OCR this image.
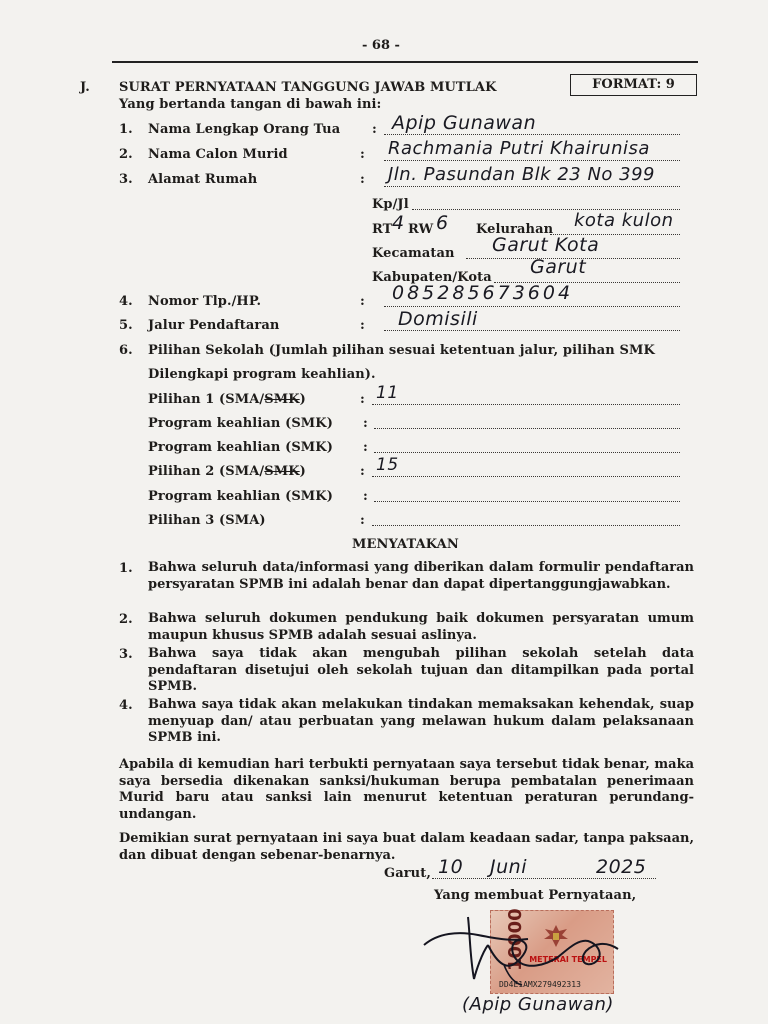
- 68 -
J. SURAT PERNYATAAN TANGGUNG JAWAB MUTLAK	FORMAT: 9
Yang bertanda tangan di bawah ini:
1. Nama Lengkap Orang Tua : Apip Gunawan
2. Nama Calon Murid	: Rachmania Putri Khairunisa
3. Alamat Rumah	: Jln. Pasundan Blk 23 No 399
Kp/Jl
RT 4 RW 6 Kelurahan kota kulon
Kecamatan Garut Kota
Kabupaten/Kota Garut
4. Nomor Tlp./HP.	: 085285673604
5. Jalur Pendaftaran	: Domisili
6. Pilihan Sekolah (Jumlah pilihan sesuai ketentuan jalur, pilihan SMK
Dilengkapi program keahlian).
Pilihan 1 (SMA/SMK)	: 11
Program keahlian (SMK) :
Program keahlian (SMK) :
Pilihan 2 (SMA/SMK)	: 15
Program keahlian (SMK) :
Pilihan 3 (SMA)	:
MENYATAKAN
1. Bahwa seluruh data/informasi yang diberikan dalam formulir pendaftaran persyaratan SPMB ini adalah benar dan dapat dipertanggungjawabkan.
2. Bahwa seluruh dokumen pendukung baik dokumen persyaratan umum maupun khusus SPMB adalah sesuai aslinya.
3. Bahwa saya tidak akan mengubah pilihan sekolah setelah data pendaftaran disetujui oleh sekolah tujuan dan ditampilkan pada portal SPMB.
4. Bahwa saya tidak akan melakukan tindakan memaksakan kehendak, suap menyuap dan/ atau perbuatan yang melawan hukum dalam pelaksanaan SPMB ini.
Apabila di kemudian hari terbukti pernyataan saya tersebut tidak benar, maka saya bersedia dikenakan sanksi/hukuman berupa pembatalan penerimaan Murid baru atau sanksi lain menurut ketentuan peraturan perundang-undangan.
Demikian surat pernyataan ini saya buat dalam keadaan sadar, tanpa paksaan, dan dibuat dengan sebenar-benarnya.
Garut, 10 Juni	2025
Yang membuat Pernyataan,
10000 METERAI TEMPEL
DD4E1AMX279492313
(Apip Gunawan)
